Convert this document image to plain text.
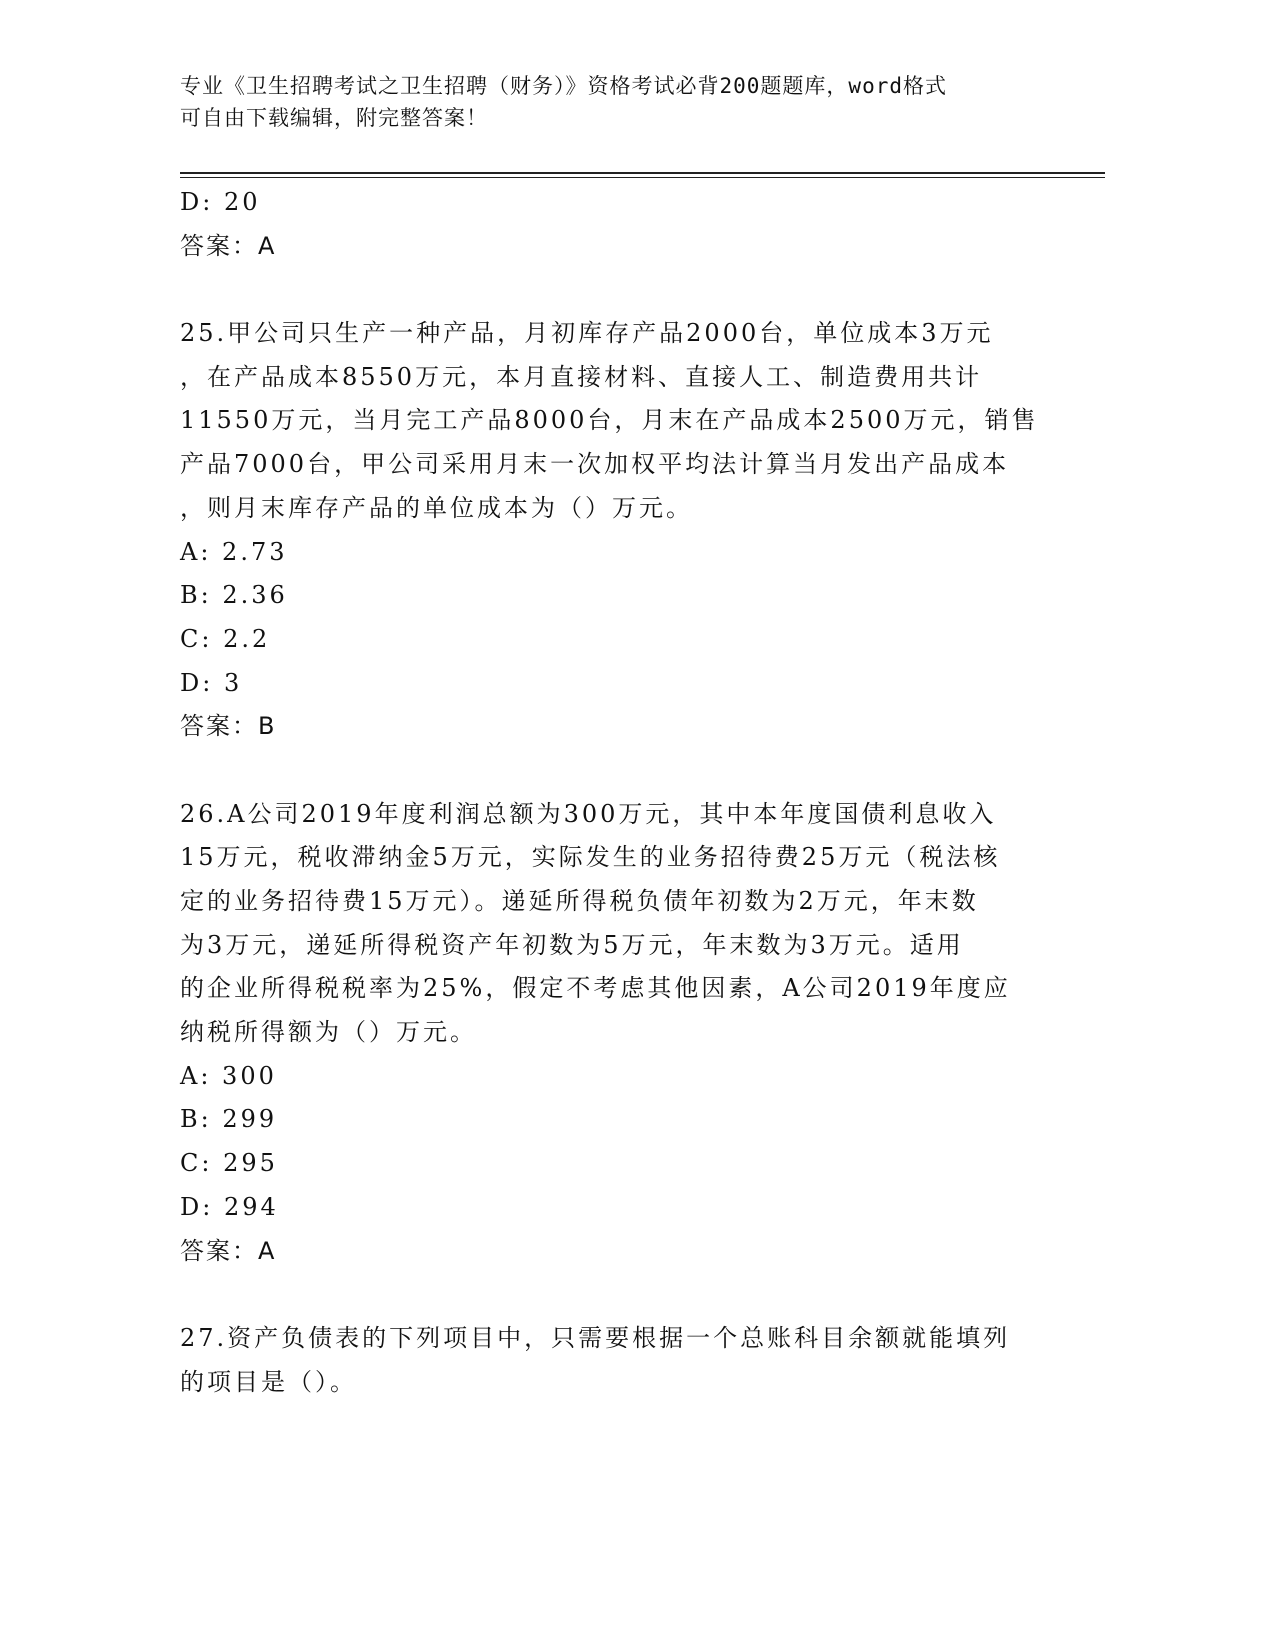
专业《卫生招聘考试之卫生招聘（财务）》资格考试必背200题题库，word格式
可自由下载编辑，附完整答案！
D: 20
答案：A
25.甲公司只生产一种产品，月初库存产品2000台，单位成本3万元
，在产品成本8550万元，本月直接材料、直接人工、制造费用共计
11550万元，当月完工产品8000台，月末在产品成本2500万元，销售
产品7000台，甲公司采用月末一次加权平均法计算当月发出产品成本
，则月末库存产品的单位成本为（）万元。
A: 2.73
B: 2.36
C: 2.2
D: 3
答案：B
26.A公司2019年度利润总额为300万元，其中本年度国债利息收入
15万元，税收滞纳金5万元，实际发生的业务招待费25万元（税法核
定的业务招待费15万元）。递延所得税负债年初数为2万元，年末数
为3万元，递延所得税资产年初数为5万元，年末数为3万元。适用
的企业所得税税率为25%，假定不考虑其他因素，A公司2019年度应
纳税所得额为（）万元。
A: 300
B: 299
C: 295
D: 294
答案：A
27.资产负债表的下列项目中，只需要根据一个总账科目余额就能填列
的项目是（）。
